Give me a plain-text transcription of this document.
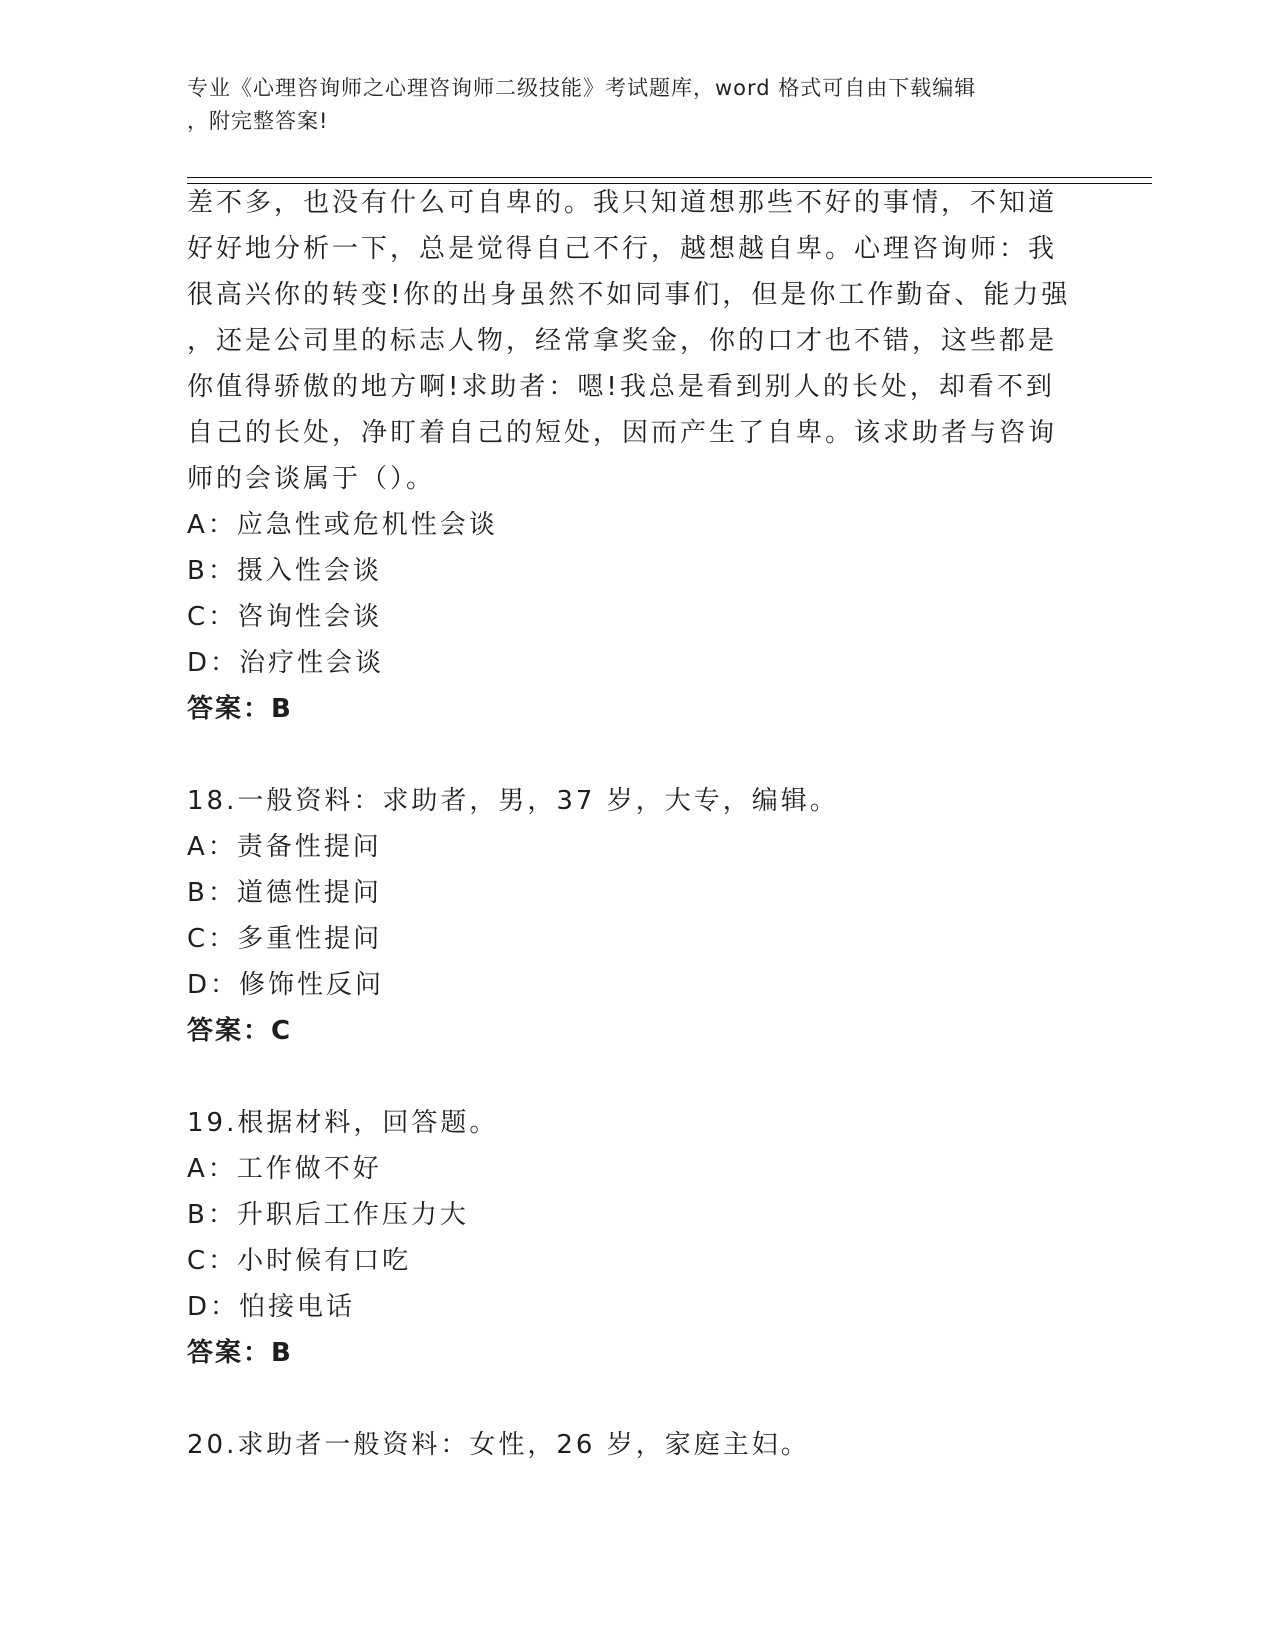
专业《心理咨询师之心理咨询师二级技能》考试题库，word 格式可自由下载编辑
，附完整答案!
差不多，也没有什么可自卑的。我只知道想那些不好的事情，不知道
好好地分析一下，总是觉得自己不行，越想越自卑。心理咨询师：我
很高兴你的转变!你的出身虽然不如同事们，但是你工作勤奋、能力强
，还是公司里的标志人物，经常拿奖金，你的口才也不错，这些都是
你值得骄傲的地方啊!求助者：嗯!我总是看到别人的长处，却看不到
自己的长处，净盯着自己的短处，因而产生了自卑。该求助者与咨询
师的会谈属于（）。
A：应急性或危机性会谈
B：摄入性会谈
C：咨询性会谈
D：治疗性会谈
答案：B
18.一般资料：求助者，男，37 岁，大专，编辑。
A：责备性提问
B：道德性提问
C：多重性提问
D：修饰性反问
答案：C
19.根据材料，回答题。
A：工作做不好
B：升职后工作压力大
C：小时候有口吃
D：怕接电话
答案：B
20.求助者一般资料：女性，26 岁，家庭主妇。
